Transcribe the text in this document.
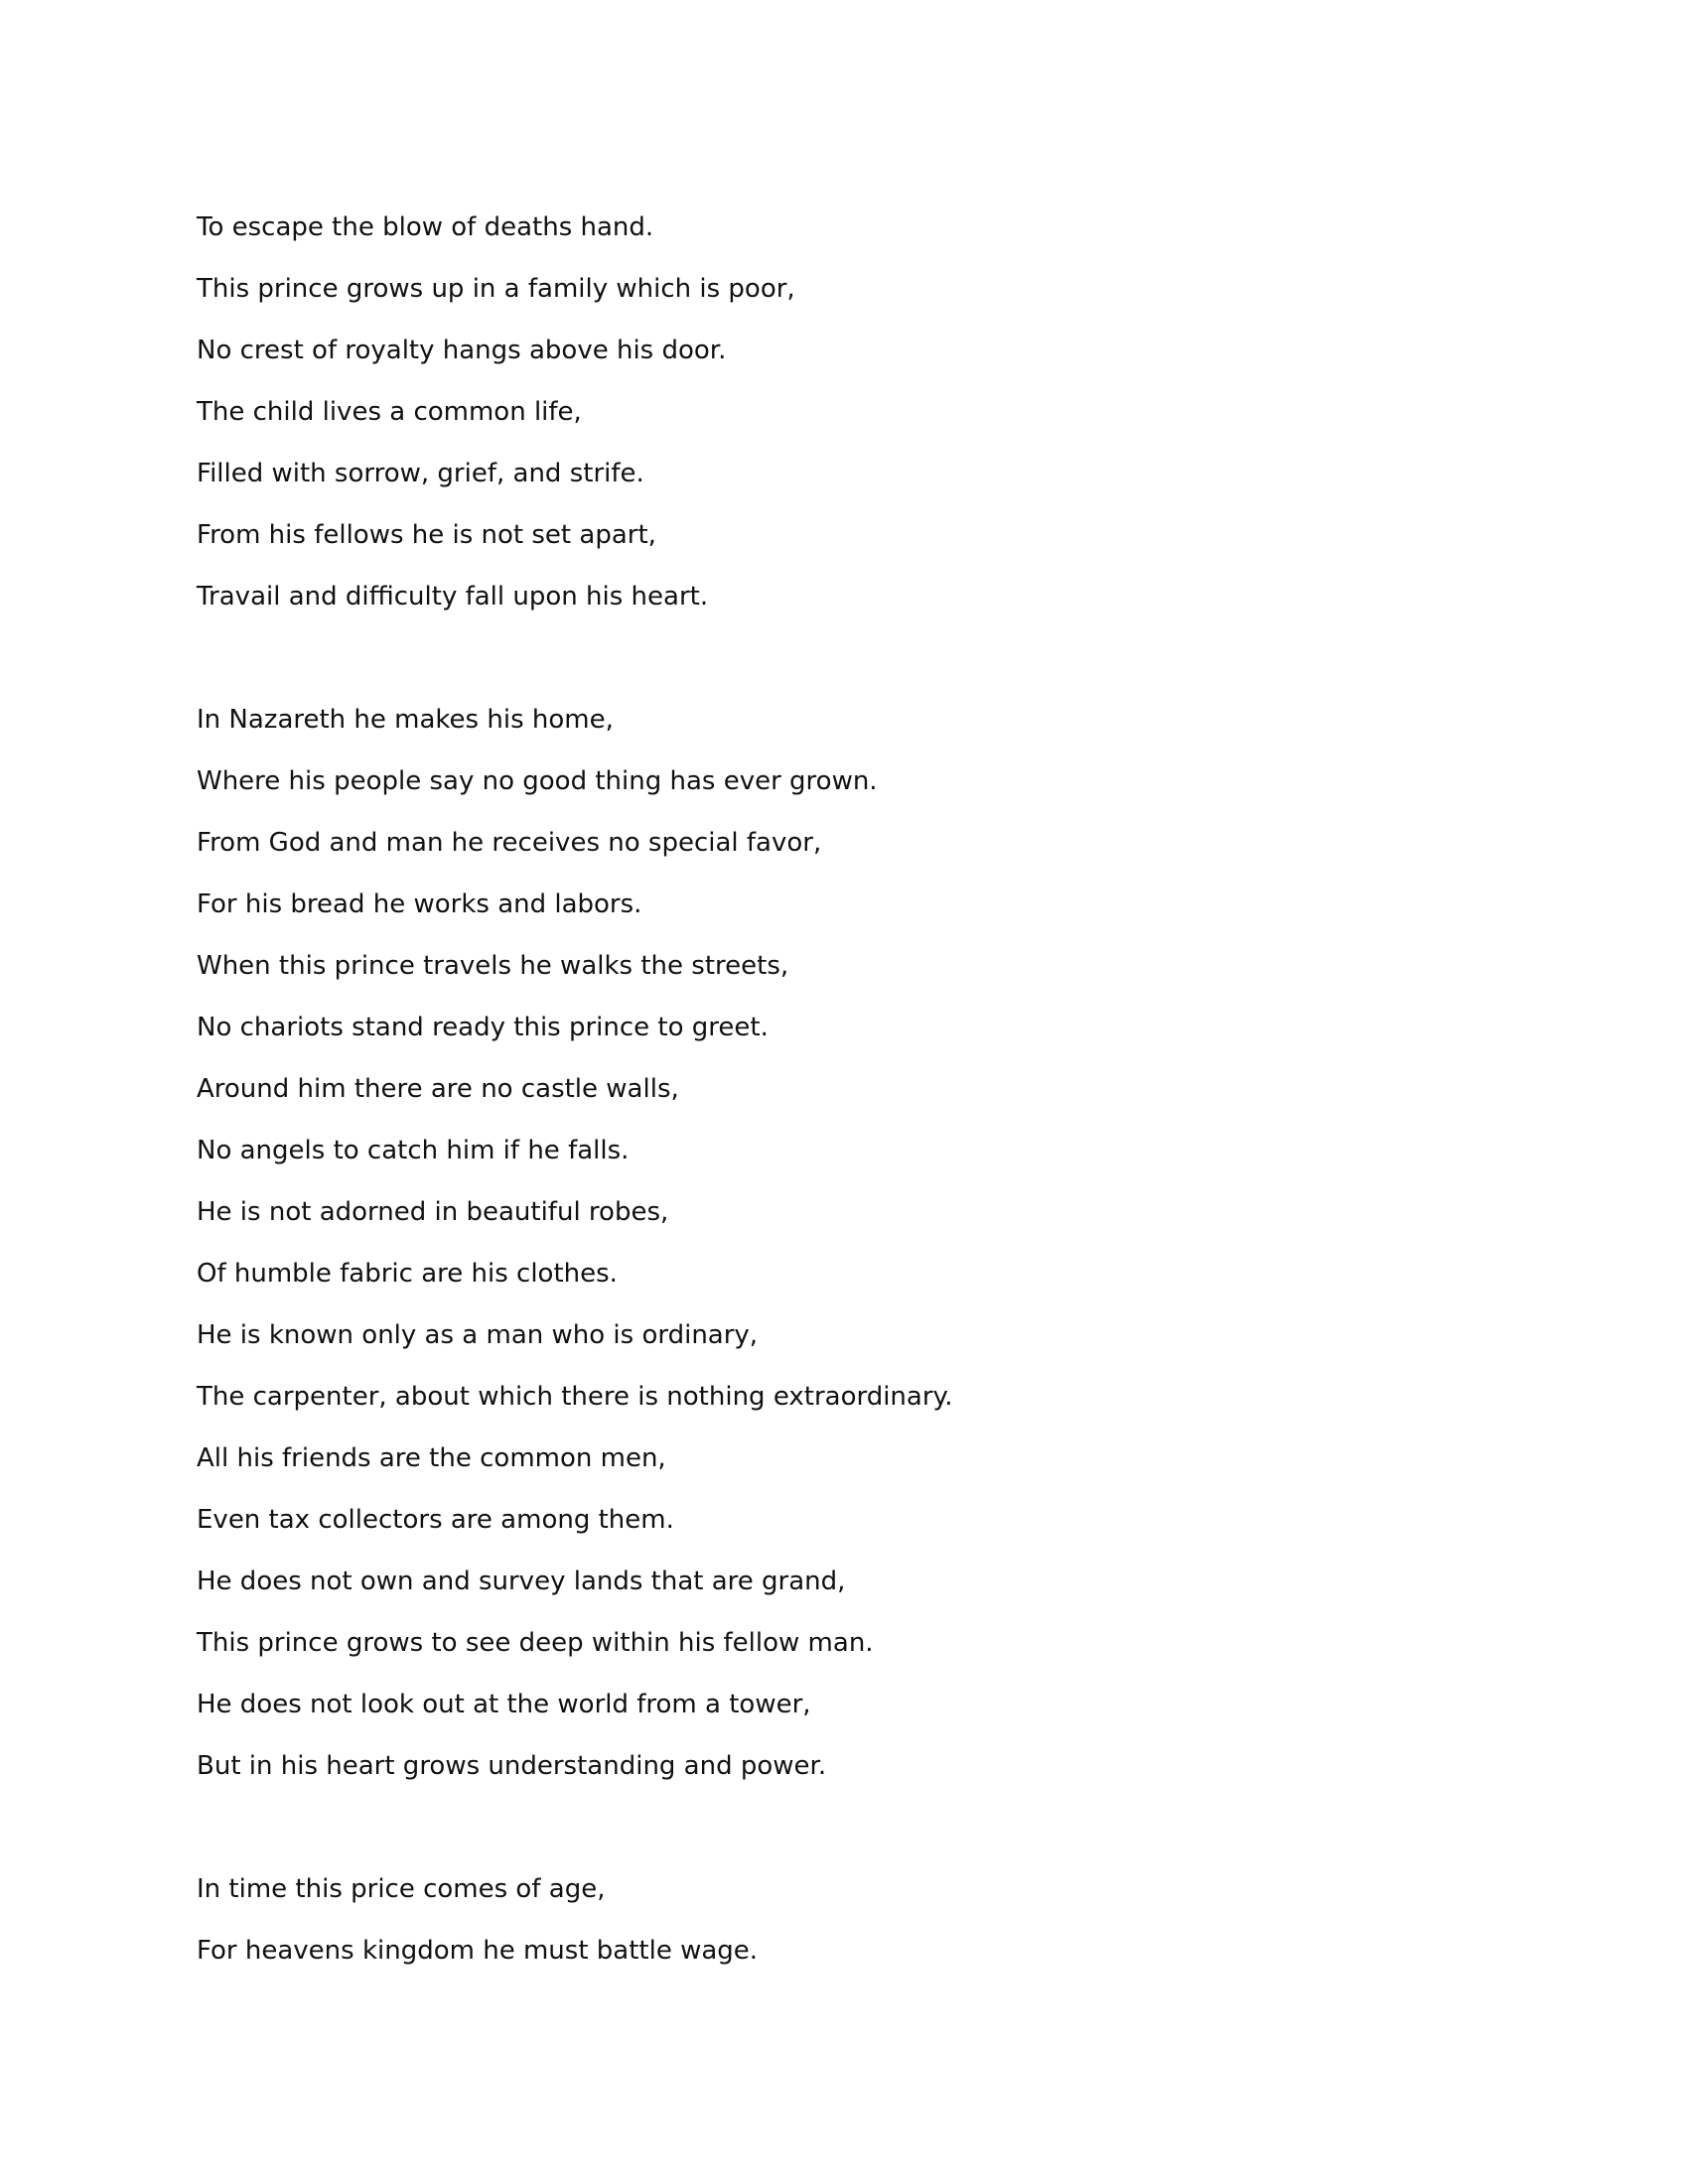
To escape the blow of deaths hand.

This prince grows up in a family which is poor,

No crest of royalty hangs above his door.

The child lives a common life,

Filled with sorrow, grief, and strife.

From his fellows he is not set apart,

Travail and difficulty fall upon his heart.

In Nazareth he makes his home,

Where his people say no good thing has ever grown.

From God and man he receives no special favor,

For his bread he works and labors.

When this prince travels he walks the streets,

No chariots stand ready this prince to greet.

Around him there are no castle walls,

No angels to catch him if he falls.

He is not adorned in beautiful robes,

Of humble fabric are his clothes.

He is known only as a man who is ordinary,

The carpenter, about which there is nothing extraordinary.

All his friends are the common men,

Even tax collectors are among them.

He does not own and survey lands that are grand,

This prince grows to see deep within his fellow man.

He does not look out at the world from a tower,

But in his heart grows understanding and power.

In time this price comes of age,

For heavens kingdom he must battle wage.
